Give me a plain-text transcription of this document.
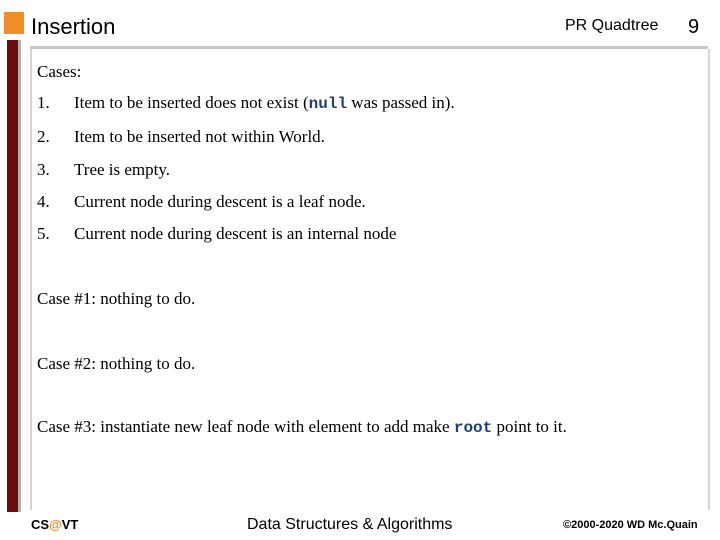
Insertion	PR Quadtree 9
Cases:
1. Item to be inserted does not exist (null was passed in).
2. Item to be inserted not within World.
3. Tree is empty.
4. Current node during descent is a leaf node.
5. Current node during descent is an internal node
Case #1: nothing to do.
Case #2: nothing to do.
Case #3: instantiate new leaf node with element to add make root point to it.
CS@VT	Data Structures & Algorithms	©2000-2020 WD Mc.Quain
